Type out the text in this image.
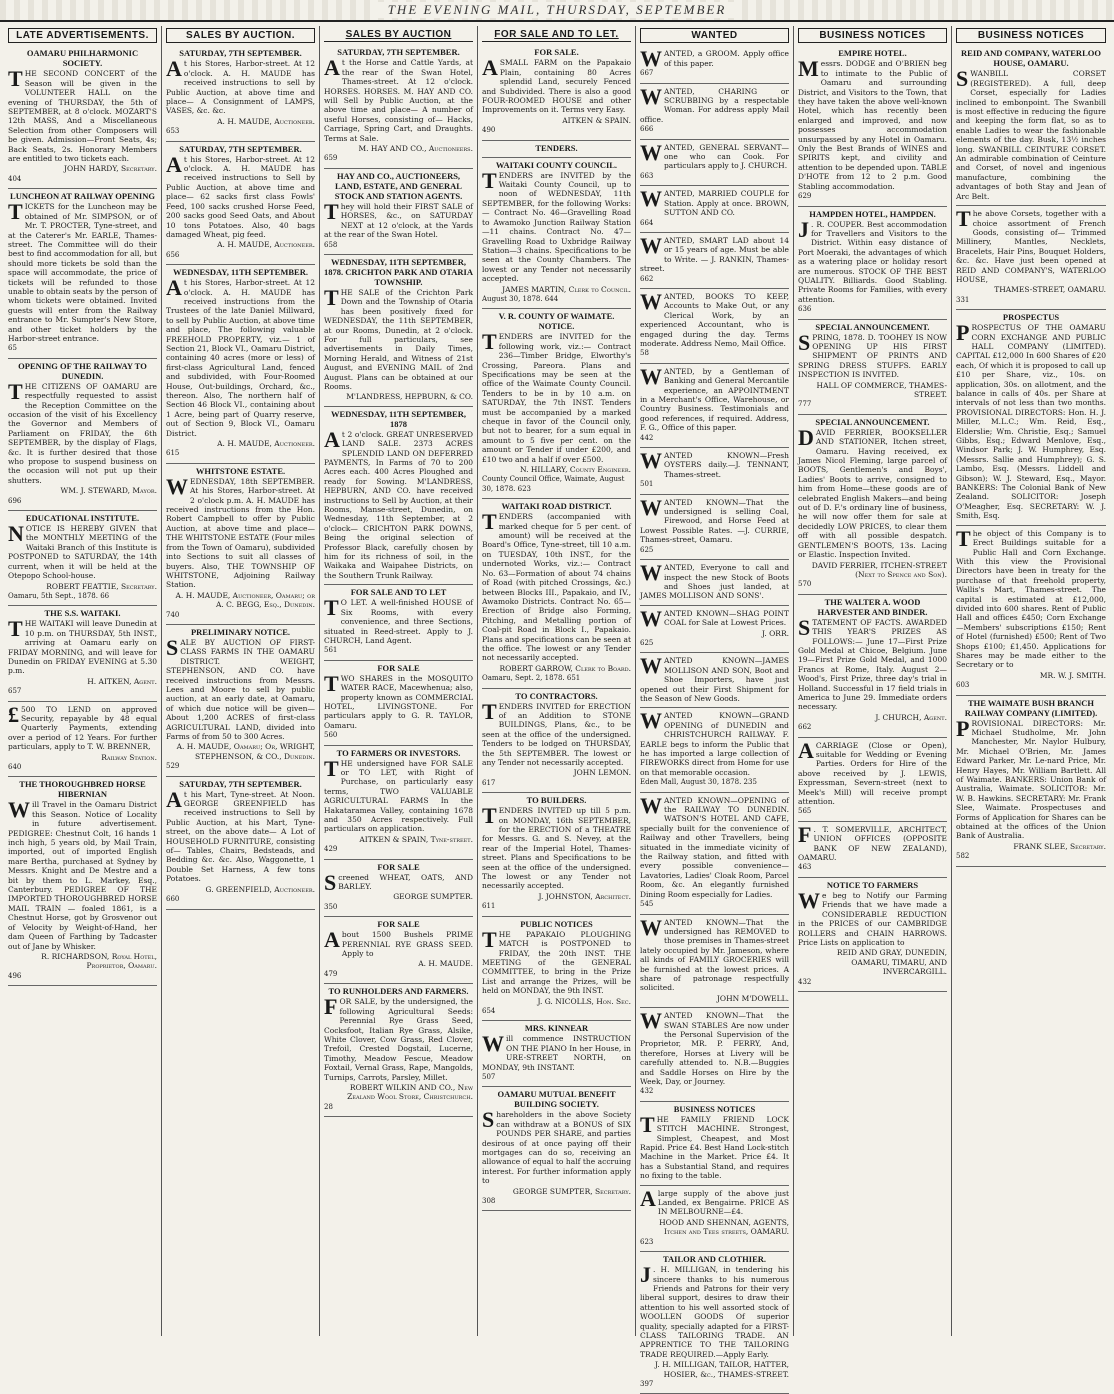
THE EVENING MAIL, THURSDAY, SEPTEMBER
LATE ADVERTISEMENTS.
OAMARU PHILHARMONIC SOCIETY.

THE SECOND CONCERT of the Season will be given in the VOLUNTEER HALL on the evening of THURSDAY, the 5th of SEPTEMBER, at 8 o'clock. MOZART'S 12th MASS, And a Miscellaneous Selection from other Composers will be given. Admission—Front Seats, 4s; Back Seats, 2s. Honorary Members are entitled to two tickets each.

JOHN HARDY, Secretary.

404

LUNCHEON AT RAILWAY OPENING

TICKETS for the Luncheon may be obtained of Mr. SIMPSON, or of Mr. T. PROCTER, Tyne-street, and at the Caterer's Mr. EARLE, Thames-street. The Committee will do their best to find accommodation for all, but should more tickets be sold than the space will accommodate, the price of tickets will be refunded to those unable to obtain seats by the person of whom tickets were obtained. Invited guests will enter from the Railway entrance to Mr. Sumpter's New Store, and other ticket holders by the Harbor-street entrance.

65

OPENING OF THE RAILWAY TO DUNEDIN.

THE CITIZENS OF OAMARU are respectfully requested to assist the Reception Committee on the occasion of the visit of his Excellency the Governor and Members of Parliament on FRIDAY, the 6th SEPTEMBER, by the display of Flags, &c. It is further desired that those who propose to suspend business on the occasion will not put up their shutters.

WM. J. STEWARD, Mayor.

696

EDUCATIONAL INSTITUTE.

NOTICE IS HEREBY GIVEN that the MONTHLY MEETING of the Waitaki Branch of this Institute is POSTPONED to SATURDAY, the 14th current, when it will be held at the Otepopo School-house.

ROBERT FEATTIE, Secretary.

Oamaru, 5th Sept., 1878. 66

THE S.S. WAITAKI.

THE WAITAKI will leave Dunedin at 10 p.m. on THURSDAY, 5th INST., arriving at Oamaru early on FRIDAY MORNING, and will leave for Dunedin on FRIDAY EVENING at 5.30 p.m.

H. AITKEN, Agent.

657

£ 500 TO LEND on approved Security, repayable by 48 equal Quarterly Payments, extending over a period of 12 Years. For further particulars, apply to T. W. BRENNER,

Railway Station.

640

THE THOROUGHBRED HORSE HIBERNIAN

Will Travel in the Oamaru District this Season. Notice of Locality in future advertisement. PEDIGREE: Chestnut Colt, 16 hands 1 inch high, 5 years old, by Mail Train, imported, out of imported English mare Bertha, purchased at Sydney by Messrs. Knight and De Mestre and a bit by them to L. Markey, Esq., Canterbury. PEDIGREE OF THE IMPORTED THOROUGHBRED HORSE MAIL TRAIN — foaled 1861, is a Chestnut Horse, got by Grosvenor out of Velocity by Weight-of-Hand, her dam Queen of Farthing by Tadcaster out of Jane by Whisker.

R. RICHARDSON, Royal Hotel, Proprietor, Oamaru.

496

SALES BY AUCTION.
SATURDAY, 7TH SEPTEMBER.

At his Stores, Harbor-street. At 12 o'clock. A. H. MAUDE has received instructions to sell by Public Auction, at above time and place— A Consignment of LAMPS, VASES, &c. &c.

A. H. MAUDE, Auctioneer.

653

SATURDAY, 7TH SEPTEMBER.

At his Stores, Harbor-street. At 12 o'clock. A. H. MAUDE has received instructions to Sell by Public Auction, at above time and place— 62 sacks first class Fowls' Feed, 100 sacks crushed Horse Feed, 200 sacks good Seed Oats, and About 10 tons Potatoes. Also, 40 bags damaged Wheat, pig feed.

A. H. MAUDE, Auctioneer.

656

WEDNESDAY, 11TH SEPTEMBER.

At his Stores, Harbor-street. At 12 o'clock. A. H. MAUDE has received instructions from the Trustees of the late Daniel Millward, to sell by Public Auction, at above time and place, The following valuable FREEHOLD PROPERTY, viz.— 1 of Section 21, Block VI., Oamaru District, containing 40 acres (more or less) of first-class Agricultural Land, fenced and subdivided, with Four-Roomed House, Out-buildings, Orchard, &c., thereon. Also, The northern half of Section 46 Block VI., containing about 1 Acre, being part of Quarry reserve, out of Section 9, Block VI., Oamaru District.

A. H. MAUDE, Auctioneer.

615

WHITSTONE ESTATE.

WEDNESDAY, 18th SEPTEMBER. At his Stores, Harbor-street. At 2 o'clock p.m. A. H. MAUDE has received instructions from the Hon. Robert Campbell to offer by Public Auction, at above time and place— THE WHITSTONE ESTATE (Four miles from the Town of Oamaru), subdivided into Sections to suit all classes of buyers. Also, THE TOWNSHIP OF WHITSTONE, Adjoining Railway Station.

A. H. MAUDE, Auctioneer, Oamaru; or A. C. BEGG, Esq., Dunedin.

740

PRELIMINARY NOTICE.

SALE BY AUCTION OF FIRST-CLASS FARMS IN THE OAMARU DISTRICT. WEIGHT, STEPHENSON, AND CO. have received instructions from Messrs. Lees and Moore to sell by public auction, at an early date, at Oamaru, of which due notice will be given— About 1,200 ACRES of first-class AGRICULTURAL LAND, divided into Farms of from 50 to 300 Acres.

A. H. MAUDE, Oamaru; Or, WRIGHT, STEPHENSON, & CO., Dunedin.

529

SATURDAY, 7TH SEPTEMBER.

At his Mart, Tyne-street. At Noon. GEORGE GREENFIELD has received instructions to Sell by Public Auction, at his Mart, Tyne-street, on the above date— A Lot of HOUSEHOLD FURNITURE, consisting of— Tables, Chairs, Bedsteads, and Bedding &c. &c. Also, Waggonette, 1 Double Set Harness, A few tons Potatoes.

G. GREENFIELD, Auctioneer.

660

SALES BY AUCTION
SATURDAY, 7TH SEPTEMBER.

At the Horse and Cattle Yards, at the rear of the Swan Hotel, Thames-street. At 12 o'clock. HORSES. HORSES. M. HAY AND CO. will Sell by Public Auction, at the above time and place— A number of useful Horses, consisting of— Hacks, Carriage, Spring Cart, and Draughts. Terms at Sale.

M. HAY AND CO., Auctioneers.

659

HAY AND CO., AUCTIONEERS, LAND, ESTATE, AND GENERAL STOCK AND STATION AGENTS.

They will hold their FIRST SALE of HORSES, &c., on SATURDAY NEXT at 12 o'clock, at the Yards at the rear of the Swan Hotel.

658

WEDNESDAY, 11TH SEPTEMBER, 1878. CRICHTON PARK AND OTARIA TOWNSHIP.

THE SALE of the Crichton Park Down and the Township of Otaria has been positively fixed for WEDNESDAY, the 11th SEPTEMBER, at our Rooms, Dunedin, at 2 o'clock. For full particulars, see advertisements in Daily Times, Morning Herald, and Witness of 21st August, and EVENING MAIL of 2nd August. Plans can be obtained at our Rooms.

M'LANDRESS, HEPBURN, & CO.

WEDNESDAY, 11TH SEPTEMBER, 1878

At 2 o'clock. GREAT UNRESERVED LAND SALE. 2373 ACRES SPLENDID LAND ON DEFERRED PAYMENTS, In Farms of 70 to 200 Acres each. 400 Acres Ploughed and ready for Sowing. M'LANDRESS, HEPBURN, AND CO. have received instructions to Sell by Auction, at their Rooms, Manse-street, Dunedin, on Wednesday, 11th September, at 2 o'clock— CRICHTON PARK DOWNS, Being the original selection of Professor Black, carefully chosen by him for its richness of soil, in the Waikaka and Waipahee Districts, on the Southern Trunk Railway.

FOR SALE AND TO LET

T O LET. A well-finished HOUSE of Six Rooms, with every convenience, and three Sections, situated in Reed-street. Apply to J. CHURCH, Land Agent.

561

FOR SALE

TWO SHARES in the MOSQUITO WATER RACE, Macewhenua; also, property known as COMMERCIAL HOTEL, LIVINGSTONE. For particulars apply to G. R. TAYLOR, Oamaru.

560

TO FARMERS OR INVESTORS.

THE undersigned have FOR SALE or TO LET, with Right of Purchase, on particularly easy terms, TWO VALUABLE AGRICULTURAL FARMS In the Hakataramea Valley, containing 1678 and 350 Acres respectively. Full particulars on application.

AITKEN & SPAIN, Tyne-street.

429

FOR SALE

Screened WHEAT, OATS, AND BARLEY.

GEORGE SUMPTER.

350

FOR SALE

About 1500 Bushels PRIME PERENNIAL RYE GRASS SEED. Apply to

A. H. MAUDE.

479

TO RUNHOLDERS AND FARMERS.

FOR SALE, by the undersigned, the following Agricultural Seeds: Perennial Rye Grass Seed, Cocksfoot, Italian Rye Grass, Alsike, White Clover, Cow Grass, Red Clover, Trefoil, Crested Dogstail, Lucerne, Timothy, Meadow Fescue, Meadow Foxtail, Vernal Grass, Rape, Mangolds, Turnips, Carrots, Parsley, Millet.

ROBERT WILKIN AND CO., New Zealand Wool Store, Christchurch.

28

FOR SALE AND TO LET.
FOR SALE.

A SMALL FARM on the Papakaio Plain, containing 80 Acres splendid Land, securely Fenced and Subdivided. There is also a good FOUR-ROOMED HOUSE and other Improvements on it. Terms very Easy.

AITKEN & SPAIN.

490

TENDERS.
WAITAKI COUNTY COUNCIL.

TENDERS are INVITED by the Waitaki County Council, up to noon of WEDNESDAY, 11th SEPTEMBER, for the following Works:— Contract No. 46—Gravelling Road to Awamoko Junction Railway Station—11 chains. Contract No. 47—Gravelling Road to Uxbridge Railway Station—3 chains. Specifications to be seen at the County Chambers. The lowest or any Tender not necessarily accepted.

JAMES MARTIN, Clerk to Council.

August 30, 1878. 644

V. R. COUNTY OF WAIMATE. NOTICE.

TENDERS are INVITED for the following work, viz.:— Contract 236—Timber Bridge, Elworthy's Crossing, Pareora. Plans and Specifications may be seen at the office of the Waimate County Council. Tenders to be in by 10 a.m. on SATURDAY, the 7th INST. Tenders must be accompanied by a marked cheque in favor of the Council only, but not to bearer, for a sum equal in amount to 5 five per cent. on the amount or Tender if under £200, and £10 two and a half if over £500.

N. HILLARY, County Engineer.

County Council Office, Waimate, August 30, 1878. 623

WAITAKI ROAD DISTRICT.

TENDERS (accompanied with marked cheque for 5 per cent. of amount) will be received at the Board's Office, Tyne-street, till 10 a.m. on TUESDAY, 10th INST., for the undernoted Works, viz.:— Contract No. 63—Formation of about 74 chains of Road (with pitched Crossings, &c.) between Blocks III., Papakaio, and IV., Awamoko Districts. Contract No. 65—Erection of Bridge also Forming, Pitching, and Metalling portion of Coal-pit Road in Block I., Papakaio. Plans and specifications can be seen at the office. The lowest or any Tender not necessarily accepted.

ROBERT GARROW, Clerk to Board.

Oamaru, Sept. 2, 1878. 651

TO CONTRACTORS.

TENDERS INVITED for ERECTION of an Addition to STONE BUILDINGS, Plans, &c., to be seen at the office of the undersigned. Tenders to be lodged on THURSDAY, the 5th SEPTEMBER. The lowest or any Tender not necessarily accepted.

JOHN LEMON.

617

TO BUILDERS.

TENDERS INVITED up till 5 p.m. on MONDAY, 16th SEPTEMBER, for the ERECTION of a THEATRE for Messrs. G. and S. Nevey, at the rear of the Imperial Hotel, Thames-street. Plans and Specifications to be seen at the office of the undersigned. The lowest or any Tender not necessarily accepted.

J. JOHNSTON, Architect.

611

PUBLIC NOTICES

THE PAPAKAIO PLOUGHING MATCH is POSTPONED to FRIDAY, the 20th INST. THE MEETING of the GENERAL COMMITTEE, to bring in the Prize List and arrange the Prizes, will be held on MONDAY, the 9th INST.

J. G. NICOLLS, Hon. Sec.

654

MRS. KINNEAR

Will commence INSTRUCTION ON THE PIANO In her House, in URE-STREET NORTH, on MONDAY, 9th INSTANT.

507

OAMARU MUTUAL BENEFIT BUILDING SOCIETY.

Shareholders in the above Society can withdraw at a BONUS of SIX POUNDS PER SHARE, and parties desirous of at once paying off their mortgages can do so, receiving an allowance of equal to half the accruing interest. For further information apply to

GEORGE SUMPTER, Secretary.

308

WANTED

WANTED, a GROOM. Apply office of this paper.

667

WANTED, CHARING or SCRUBBING by a respectable Woman. For address apply Mail office.

666

WANTED, GENERAL SERVANT—one who can Cook. For particulars apply to J. CHURCH.

663

WANTED, MARRIED COUPLE for Station. Apply at once. BROWN, SUTTON AND CO.

664

WANTED, SMART LAD about 14 or 15 years of age. Must be able to Write. — J. RANKIN, Thames-street.

662

WANTED, BOOKS TO KEEP, Accounts to Make Out, or any Clerical Work, by an experienced Accountant, who is engaged during the day. Terms moderate. Address Nemo, Mail Office.

58

WANTED, by a Gentleman of Banking and General Mercantile experience, an APPOINTMENT in a Merchant's Office, Warehouse, or Country Business. Testimonials and good references, if required. Address, F. G., Office of this paper.

442

WANTED KNOWN—Fresh OYSTERS daily.—J. TENNANT, Thames-street.

501

WANTED KNOWN—That the undersigned is selling Coal, Firewood, and Horse Feed at Lowest Possible Rates. —J. CURRIE, Thames-street, Oamaru.

625

WANTED, Everyone to call and inspect the new Stock of Boots and Shoes just landed, at JAMES MOLLISON AND SONS'.

WANTED KNOWN—SHAG POINT COAL for Sale at Lowest Prices.

J. ORR.

625

WANTED KNOWN—JAMES MOLLISON AND SON, Boot and Shoe Importers, have just opened out their First Shipment for the Season of New Goods.

WANTED KNOWN—GRAND OPENING of DUNEDIN and CHRISTCHURCH RAILWAY. F. EARLE begs to inform the Public that he has imported a large collection of FIREWORKS direct from Home for use on that memorable occasion.

Eden Mall, August 30, 1878. 235

WANTED KNOWN—OPENING of the RAILWAY TO DUNEDIN. WATSON'S HOTEL AND CAFE, specially built for the convenience of Railway and other Travellers, being situated in the immediate vicinity of the Railway station, and fitted with every possible convenience—Lavatories, Ladies' Cloak Room, Parcel Room, &c. An elegantly furnished Dining Room especially for Ladies.

545

WANTED KNOWN—That the undersigned has REMOVED to those premises in Thames-street lately occupied by Mr. Jameson, where all kinds of FAMILY GROCERIES will be furnished at the lowest prices. A share of patronage respectfully solicited.

JOHN M'DOWELL.

WANTED KNOWN—That the SWAN STABLES Are now under the Personal Supervision of the Proprietor, MR. P. FERRY, And, therefore, Horses at Livery will be carefully attended to. N.B.—Buggies and Saddle Horses on Hire by the Week, Day, or Journey.

432

BUSINESS NOTICES

THE FAMILY FRIEND LOCK STITCH MACHINE. Strongest, Simplest, Cheapest, and Most Rapid. Price £4. Best Hand Lock-stitch Machine in the Market. Price £4. It has a Substantial Stand, and requires no fixing to the table.

A large supply of the above just Landed, ex Bengairne. PRICE AS IN MELBOURNE—£4.

HOOD AND SHENNAN, AGENTS, Itchen and Tees streets, OAMARU.

623

TAILOR AND CLOTHIER.

J . H. MILLIGAN, in tendering his sincere thanks to his numerous Friends and Patrons for their very liberal support, desires to draw their attention to his well assorted stock of WOOLLEN GOODS Of superior quality, specially adapted for a FIRST-CLASS TAILORING TRADE. AN APPRENTICE TO THE TAILORING TRADE REQUIRED.—Apply Early.

J. H. MILLIGAN, TAILOR, HATTER, HOSIER, &c., THAMES-STREET.

397

BUSINESS NOTICES
EMPIRE HOTEL.

Messrs. DODGE and O'BRIEN beg to intimate to the Public of Oamaru and surrounding District, and Visitors to the Town, that they have taken the above well-known Hotel, which has recently been enlarged and improved, and now possesses accommodation unsurpassed by any Hotel in Oamaru. Only the Best Brands of WINES and SPIRITS kept, and civility and attention to be depended upon. TABLE D'HOTE from 12 to 2 p.m. Good Stabling accommodation.

629

HAMPDEN HOTEL, HAMPDEN.

J . R. COUPER. Best accommodation for Travellers and Visitors to the District. Within easy distance of Port Moeraki, the advantages of which as a watering place or holiday resort are numerous. STOCK OF THE BEST QUALITY. Billiards. Good Stabling. Private Rooms for Families, with every attention.

636

SPECIAL ANNOUNCEMENT.

SPRING, 1878. D. TOOHEY IS NOW OPENING UP HIS FIRST SHIPMENT OF PRINTS AND SPRING DRESS STUFFS. EARLY INSPECTION IS INVITED.

HALL OF COMMERCE, THAMES-STREET.

777

SPECIAL ANNOUNCEMENT.

DAVID FERRIER, BOOKSELLER AND STATIONER, Itchen street, Oamaru. Having received, ex James Nicol Fleming, large parcel of BOOTS, Gentlemen's and Boys', Ladies' Boots to arrive, consigned to him from Home—these goods are of celebrated English Makers—and being out of D. F.'s ordinary line of business, he will now offer them for sale at decidedly LOW PRICES, to clear them off with all possible despatch. GENTLEMEN'S BOOTS, 13s. Lacing or Elastic. Inspection Invited.

DAVID FERRIER, ITCHEN-STREET (Next to Spence and Son).

570

THE WALTER A. WOOD HARVESTER AND BINDER.

STATEMENT OF FACTS. AWARDED THIS YEAR'S PRIZES AS FOLLOWS:— June 17—First Prize Gold Medal at Chicoe, Belgium. June 19—First Prize Gold Medal, and 1000 Francs at Rome, Italy. August 2—Wood's, First Prize, three day's trial in Holland. Successful in 17 field trials in America to June 29. Immediate orders necessary.

J. CHURCH, Agent.

662

A CARRIAGE (Close or Open), suitable for Wedding or Evening Parties. Orders for Hire of the above received by J. LEWIS, Expressman, Severn-street (next to Meek's Mill) will receive prompt attention.

565

F . T. SOMERVILLE, ARCHITECT, UNION OFFICES (OPPOSITE BANK OF NEW ZEALAND), OAMARU.

463

NOTICE TO FARMERS

We beg to Notify our Farming Friends that we have made a CONSIDERABLE REDUCTION in the PRICES of our CAMBRIDGE ROLLERS and CHAIN HARROWS. Price Lists on application to

REID AND GRAY, DUNEDIN, OAMARU, TIMARU, AND INVERCARGILL.

432

BUSINESS NOTICES
REID AND COMPANY, WATERLOO HOUSE, OAMARU.

SWANBILL CORSET (REGISTERED). A full, deep Corset, especially for Ladies inclined to embonpoint. The Swanbill is most effective in reducing the figure and keeping the form flat, so as to enable Ladies to wear the fashionable elements of the day. Busk, 13½ inches long. SWANBILL CEINTURE CORSET. An admirable combination of Ceinture and Corset, of novel and ingenious manufacture, combining the advantages of both Stay and Jean of Arc Belt.

The above Corsets, together with a choice assortment of French Goods, consisting of— Trimmed Millinery, Mantles, Necklets, Bracelets, Hair Pins, Bouquet Holders, &c. &c. Have just been opened at REID AND COMPANY'S, WATERLOO HOUSE,

THAMES-STREET, OAMARU.

331

PROSPECTUS

PROSPECTUS OF THE OAMARU CORN EXCHANGE AND PUBLIC HALL COMPANY (LIMITED). CAPITAL £12,000 In 600 Shares of £20 each, Of which it is proposed to call up £10 per Share, viz., 10s. on application, 30s. on allotment, and the balance in calls of 40s. per Share at intervals of not less than two months. PROVISIONAL DIRECTORS: Hon. H. J. Miller, M.L.C.; Wm. Reid, Esq., Elderslie; Wm. Christie, Esq.; Samuel Gibbs, Esq.; Edward Menlove, Esq., Windsor Park; J. W. Humphrey, Esq. (Messrs. Sallie and Humphrey); G. S. Lambo, Esq. (Messrs. Liddell and Gibson); W. J. Steward, Esq., Mayor. BANKERS: The Colonial Bank of New Zealand. SOLICITOR: Joseph O'Meagher, Esq. SECRETARY: W. J. Smith, Esq.

The object of this Company is to Erect Buildings suitable for a Public Hall and Corn Exchange. With this view the Provisional Directors have been in treaty for the purchase of that freehold property, Wallis's Mart, Thames-street. The capital is estimated at £12,000, divided into 600 shares. Rent of Public Hall and offices £450; Corn Exchange—Members' subscriptions £150; Rent of Hotel (furnished) £500; Rent of Two Shops £100; £1,450. Applications for Shares may be made either to the Secretary or to

MR. W. J. SMITH.

603

THE WAIMATE BUSH BRANCH RAILWAY COMPANY (LIMITED).

PROVISIONAL DIRECTORS: Mr. Michael Studholme, Mr. John Manchester, Mr. Naylor Hulbury, Mr. Michael O'Brien, Mr. James Edward Parker, Mr. Le-nard Price, Mr. Henry Hayes, Mr. William Bartlett. All of Waimate. BANKERS: Union Bank of Australia, Waimate. SOLICITOR: Mr. W. B. Hawkins. SECRETARY: Mr. Frank Slee, Waimate. Prospectuses and Forms of Application for Shares can be obtained at the offices of the Union Bank of Australia.

FRANK SLEE, Secretary.

582
